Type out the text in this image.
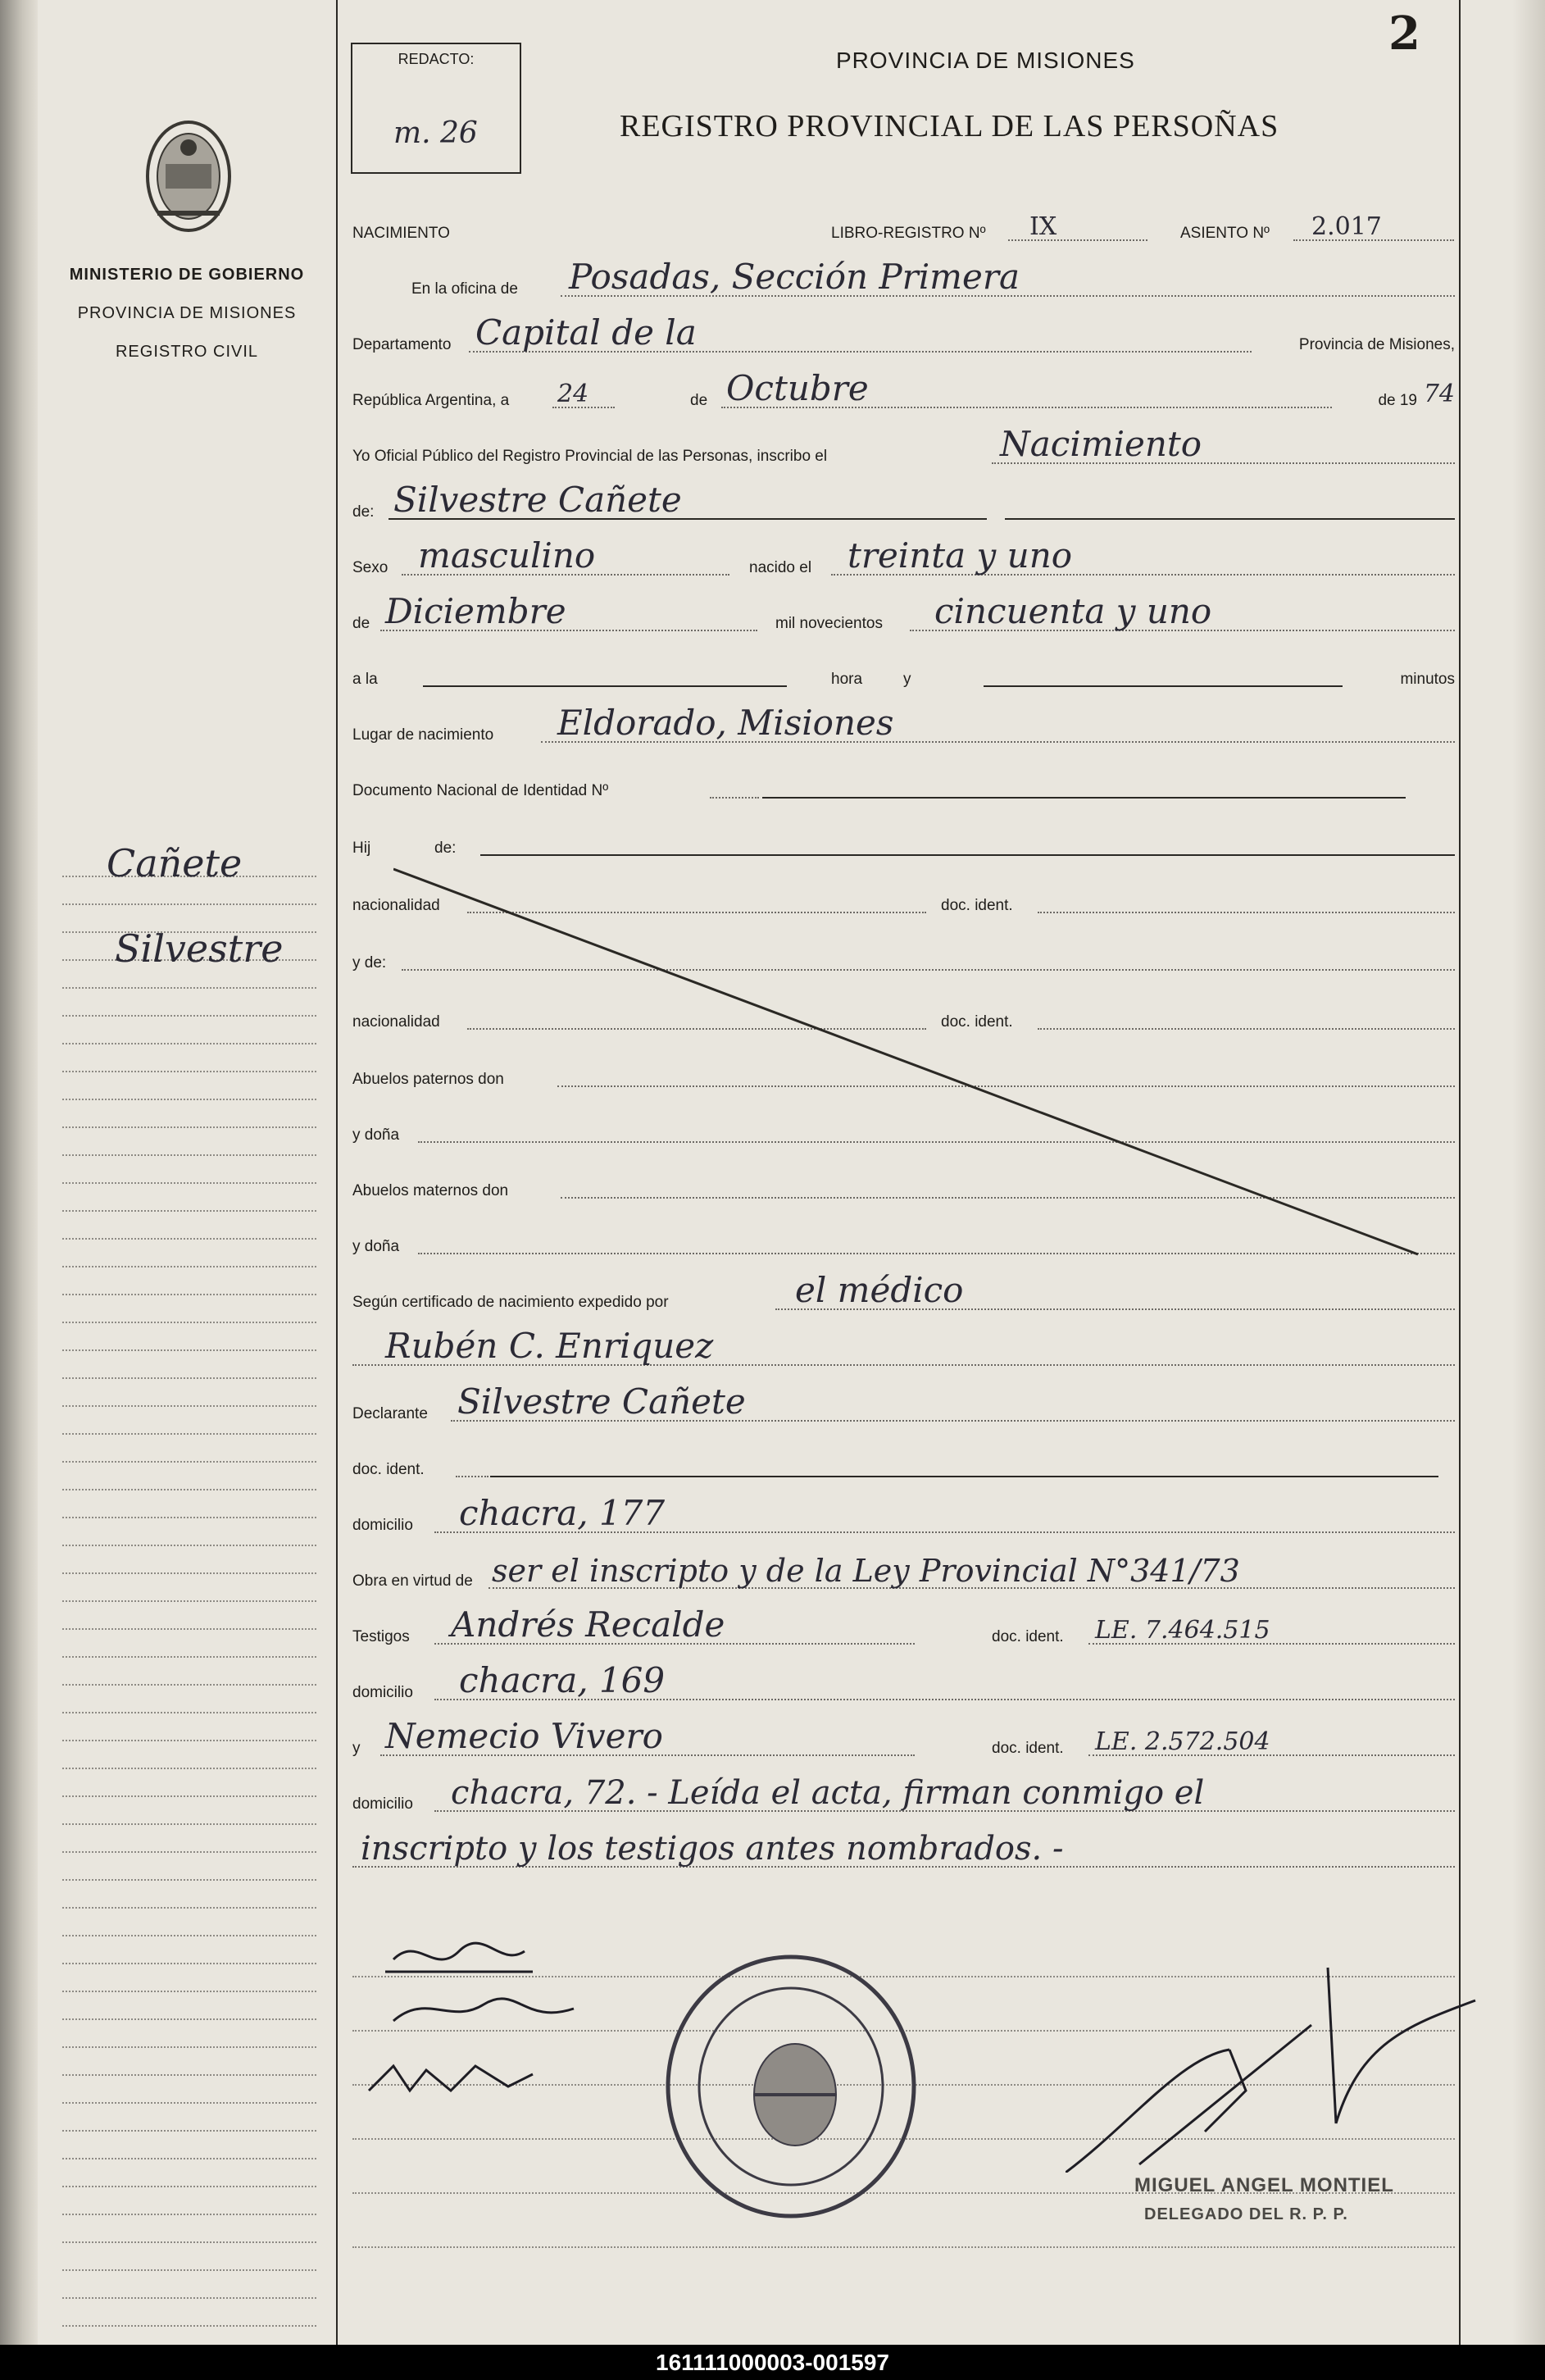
MINISTERIO DE GOBIERNO
PROVINCIA DE MISIONES
REGISTRO CIVIL
Cañete
Silvestre
REDACTO:
m. 26
2
PROVINCIA DE MISIONES
REGISTRO PROVINCIAL DE LAS PERSOÑAS
NACIMIENTO	LIBRO-REGISTRO Nº IX	ASIENTO Nº 2.017
En la oficina de Posadas, Sección Primera
Departamento Capital de la	Provincia de Misiones,
República Argentina, a 24	de Octubre	de 19 74
Yo Oficial Público del Registro Provincial de las Personas, inscribo el	Nacimiento
de: Silvestre Cañete
Sexo masculino	nacido el treinta y uno
de Diciembre	mil novecientos cincuenta y uno
a la	hora	y	minutos
Lugar de nacimiento Eldorado, Misiones
Documento Nacional de Identidad Nº
Hij	de:
nacionalidad	doc. ident.
y de:
nacionalidad	doc. ident.
Abuelos paternos don
y doña
Abuelos maternos don
y doña
Según certificado de nacimiento expedido por	el médico
Rubén C. Enriquez
Declarante Silvestre Cañete
doc. ident.
domicilio chacra, 177
Obra en virtud de ser el inscripto y de la Ley Provincial N°341/73
Testigos Andrés Recalde	doc. ident. LE. 7.464.515
domicilio chacra, 169
y Nemecio Vivero	doc. ident. LE. 2.572.504
domicilio chacra, 72. - Leída el acta, firman conmigo el
inscripto y los testigos antes nombrados. -
MIGUEL ANGEL MONTIEL
DELEGADO DEL R. P. P.
161111000003-001597
